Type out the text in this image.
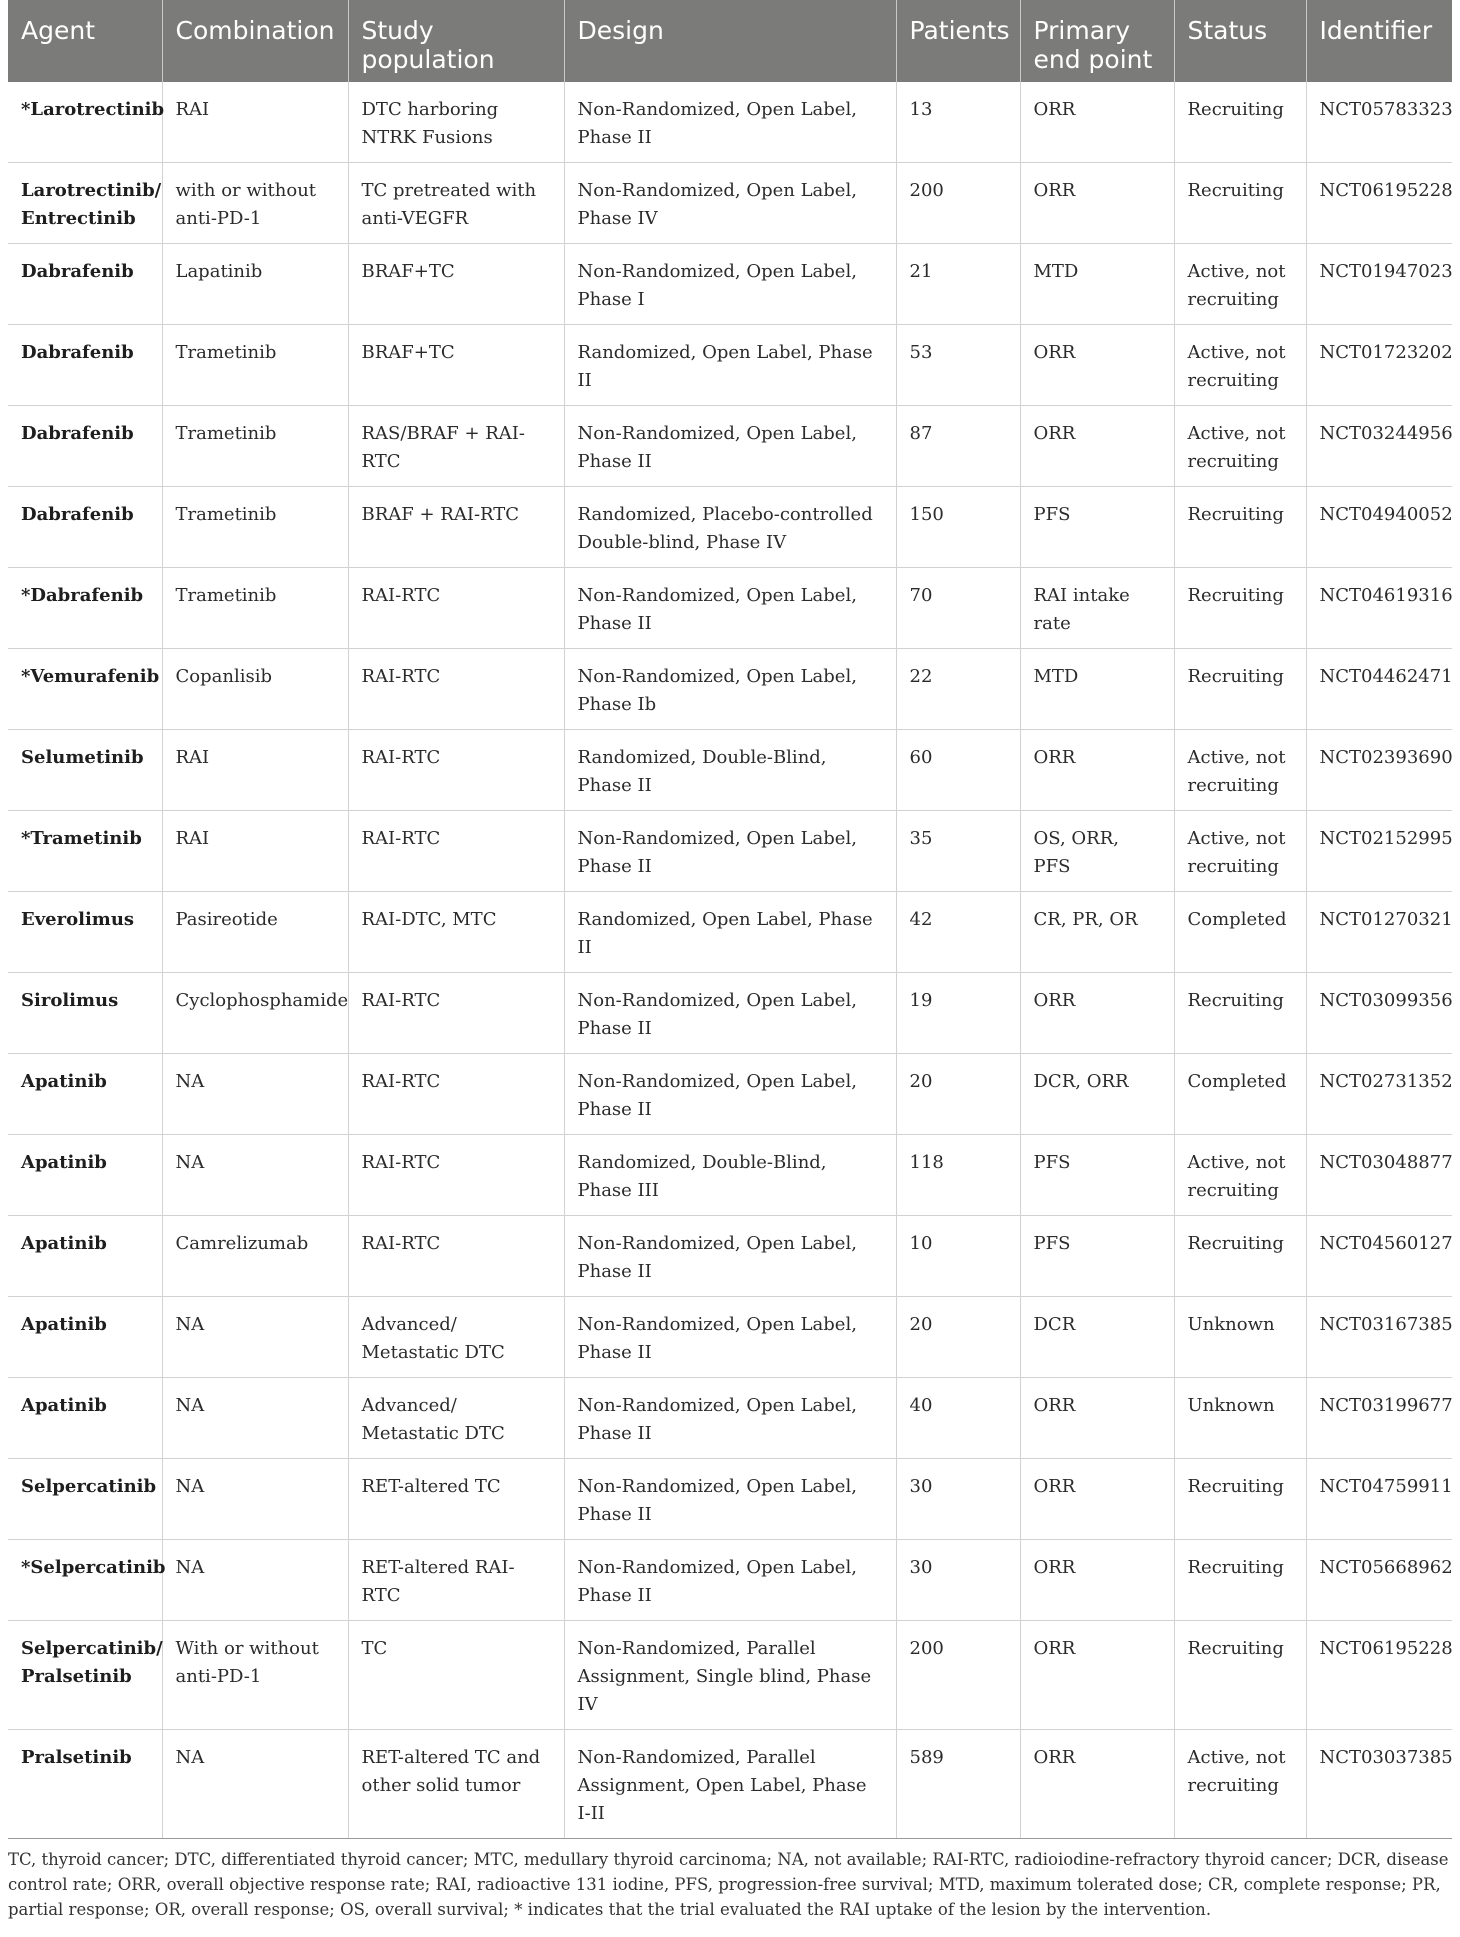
Agent	Combination	Study population	Design	Patients	Primary end point	Status	Identifier
*Larotrectinib	RAI	DTC harboring NTRK Fusions	Non-Randomized, Open Label, Phase II	13	ORR	Recruiting	NCT05783323
Larotrectinib/ Entrectinib	with or without anti-PD-1	TC pretreated with anti-VEGFR	Non-Randomized, Open Label, Phase IV	200	ORR	Recruiting	NCT06195228
Dabrafenib	Lapatinib	BRAF+TC	Non-Randomized, Open Label, Phase I	21	MTD	Active, not recruiting	NCT01947023
Dabrafenib	Trametinib	BRAF+TC	Randomized, Open Label, Phase II	53	ORR	Active, not recruiting	NCT01723202
Dabrafenib	Trametinib	RAS/BRAF + RAI-RTC	Non-Randomized, Open Label, Phase II	87	ORR	Active, not recruiting	NCT03244956
Dabrafenib	Trametinib	BRAF + RAI-RTC	Randomized, Placebo-controlled Double-blind, Phase IV	150	PFS	Recruiting	NCT04940052
*Dabrafenib	Trametinib	RAI-RTC	Non-Randomized, Open Label, Phase II	70	RAI intake rate	Recruiting	NCT04619316
*Vemurafenib	Copanlisib	RAI-RTC	Non-Randomized, Open Label, Phase Ib	22	MTD	Recruiting	NCT04462471
Selumetinib	RAI	RAI-RTC	Randomized, Double-Blind, Phase II	60	ORR	Active, not recruiting	NCT02393690
*Trametinib	RAI	RAI-RTC	Non-Randomized, Open Label, Phase II	35	OS, ORR, PFS	Active, not recruiting	NCT02152995
Everolimus	Pasireotide	RAI-DTC, MTC	Randomized, Open Label, Phase II	42	CR, PR, OR	Completed	NCT01270321
Sirolimus	Cyclophosphamide	RAI-RTC	Non-Randomized, Open Label, Phase II	19	ORR	Recruiting	NCT03099356
Apatinib	NA	RAI-RTC	Non-Randomized, Open Label, Phase II	20	DCR, ORR	Completed	NCT02731352
Apatinib	NA	RAI-RTC	Randomized, Double-Blind, Phase III	118	PFS	Active, not recruiting	NCT03048877
Apatinib	Camrelizumab	RAI-RTC	Non-Randomized, Open Label, Phase II	10	PFS	Recruiting	NCT04560127
Apatinib	NA	Advanced/ Metastatic DTC	Non-Randomized, Open Label, Phase II	20	DCR	Unknown	NCT03167385
Apatinib	NA	Advanced/ Metastatic DTC	Non-Randomized, Open Label, Phase II	40	ORR	Unknown	NCT03199677
Selpercatinib	NA	RET-altered TC	Non-Randomized, Open Label, Phase II	30	ORR	Recruiting	NCT04759911
*Selpercatinib	NA	RET-altered RAI-RTC	Non-Randomized, Open Label, Phase II	30	ORR	Recruiting	NCT05668962
Selpercatinib/ Pralsetinib	With or without anti-PD-1	TC	Non-Randomized, Parallel Assignment, Single blind, Phase IV	200	ORR	Recruiting	NCT06195228
Pralsetinib	NA	RET-altered TC and other solid tumor	Non-Randomized, Parallel Assignment, Open Label, Phase I-II	589	ORR	Active, not recruiting	NCT03037385
TC, thyroid cancer; DTC, differentiated thyroid cancer; MTC, medullary thyroid carcinoma; NA, not available; RAI-RTC, radioiodine-refractory thyroid cancer; DCR, disease control rate; ORR, overall objective response rate; RAI, radioactive 131 iodine, PFS, progression-free survival; MTD, maximum tolerated dose; CR, complete response; PR, partial response; OR, overall response; OS, overall survival; * indicates that the trial evaluated the RAI uptake of the lesion by the intervention.
